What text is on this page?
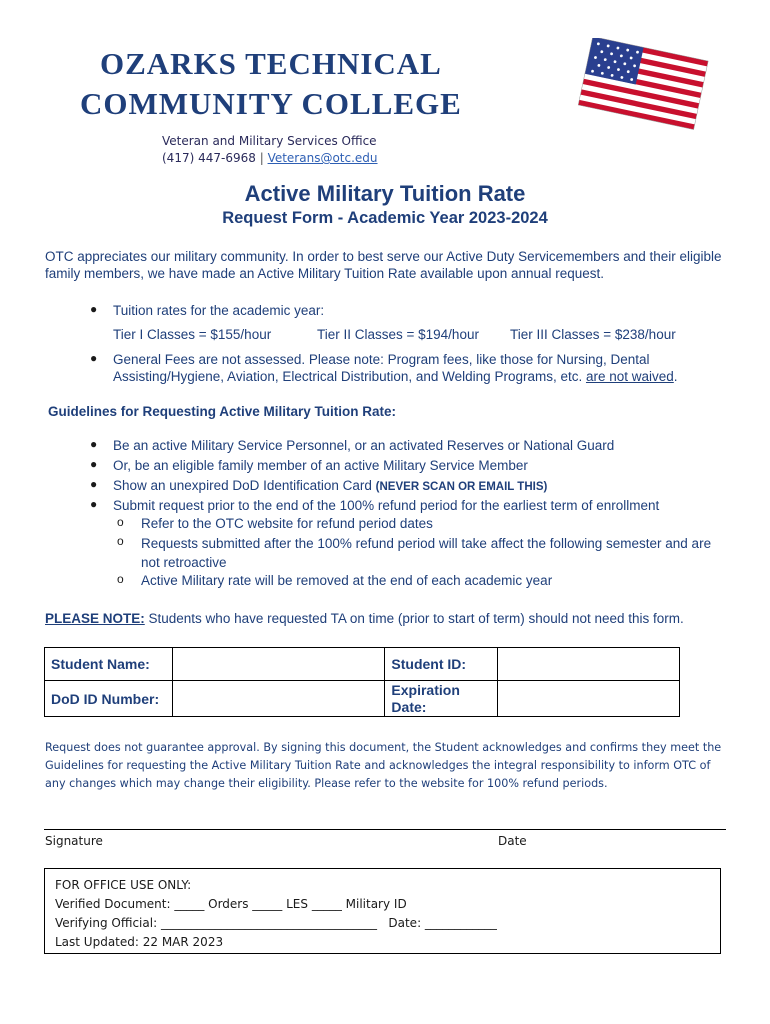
OZARKS TECHNICAL
COMMUNITY COLLEGE
Veteran and Military Services Office
(417) 447-6968 | Veterans@otc.edu
Active Military Tuition Rate
Request Form - Academic Year 2023-2024
OTC appreciates our military community. In order to best serve our Active Duty Servicemembers and their eligible family members, we have made an Active Military Tuition Rate available upon annual request.
● Tuition rates for the academic year:
Tier I Classes = $155/hour	Tier II Classes = $194/hour Tier III Classes = $238/hour
● General Fees are not assessed. Please note: Program fees, like those for Nursing, Dental Assisting/Hygiene, Aviation, Electrical Distribution, and Welding Programs, etc. are not waived.
Guidelines for Requesting Active Military Tuition Rate:
● Be an active Military Service Personnel, or an activated Reserves or National Guard
● Or, be an eligible family member of an active Military Service Member
● Show an unexpired DoD Identification Card (NEVER SCAN OR EMAIL THIS)
● Submit request prior to the end of the 100% refund period for the earliest term of enrollment
o Refer to the OTC website for refund period dates
o Requests submitted after the 100% refund period will take affect the following semester and are not retroactive
o Active Military rate will be removed at the end of each academic year
PLEASE NOTE: Students who have requested TA on time (prior to start of term) should not need this form.
Student Name:		Student ID:	
DoD ID Number:		Expiration
Date:	

Request does not guarantee approval. By signing this document, the Student acknowledges and confirms they meet the Guidelines for requesting the Active Military Tuition Rate and acknowledges the integral responsibility to inform OTC of any changes which may change their eligibility. Please refer to the website for 100% refund periods.
Signature	Date
FOR OFFICE USE ONLY:
Verified Document: _____ Orders _____ LES _____ Military ID
Verifying Official: ____________________________________   Date: ____________
Last Updated: 22 MAR 2023
